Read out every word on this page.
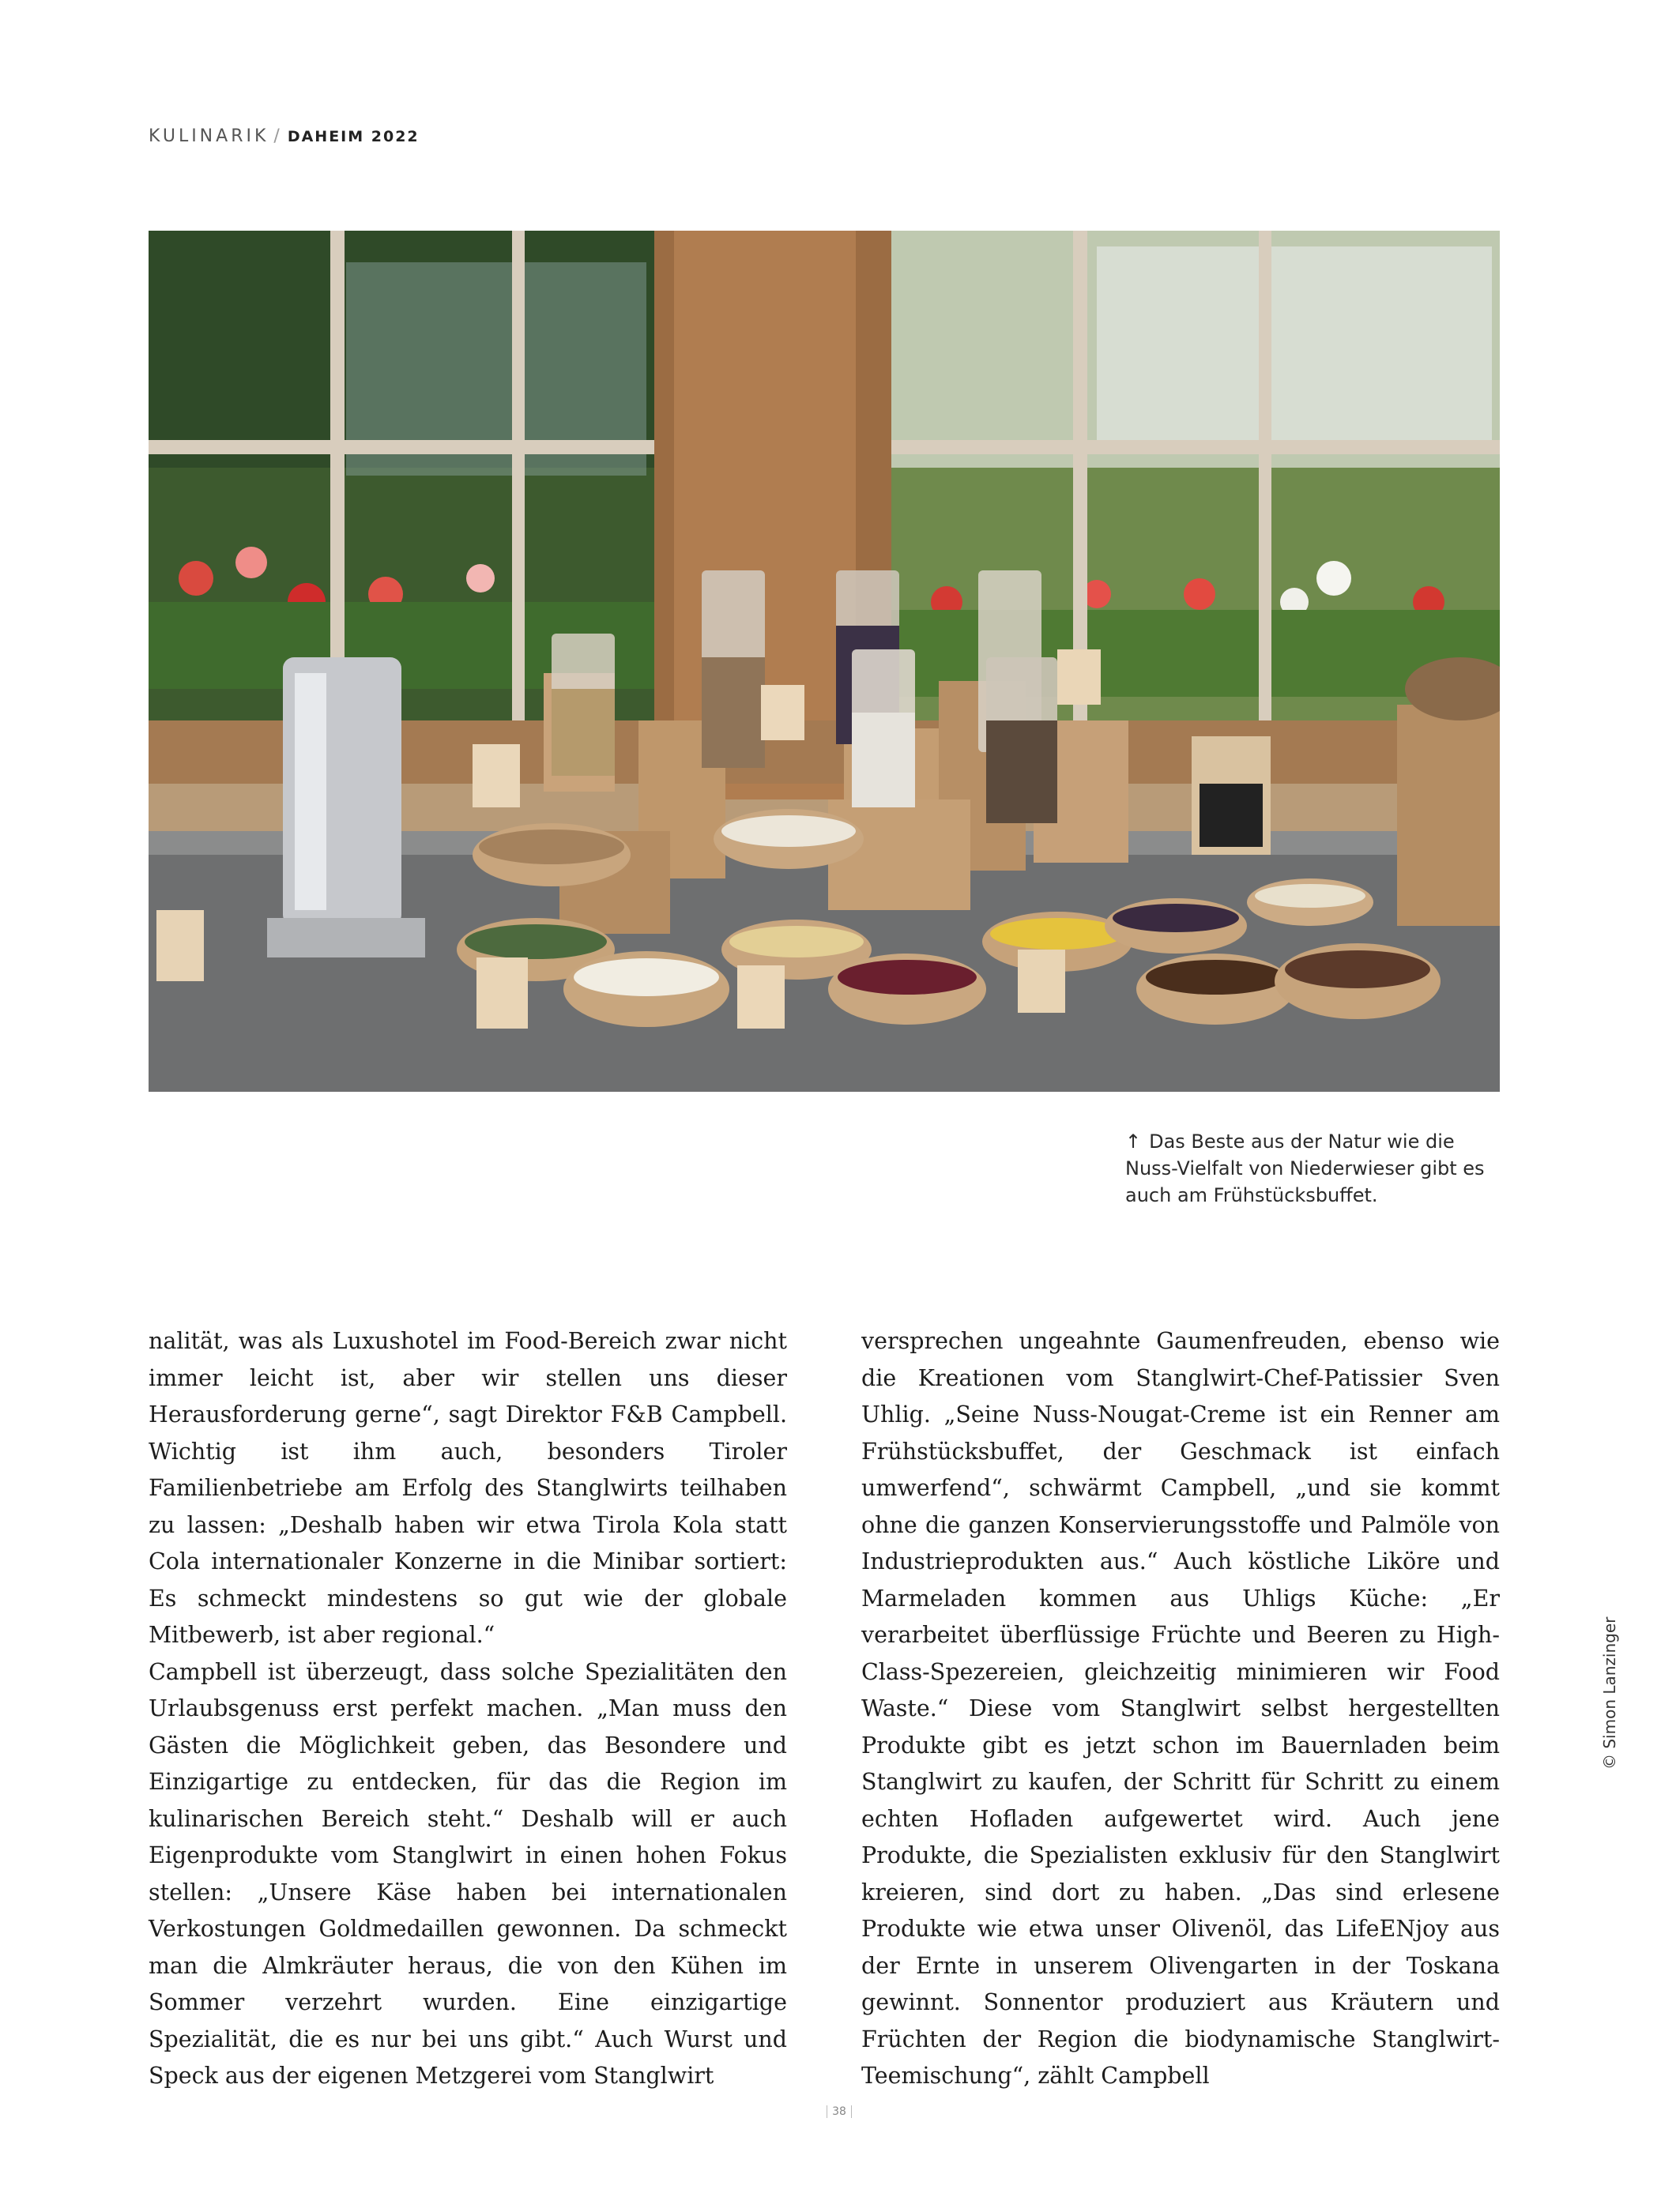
KULINARIK / DAHEIM 2022
↑ Das Beste aus der Natur wie die Nuss-Vielfalt von Niederwieser gibt es auch am Frühstücksbuffet.

nalität, was als Luxushotel im Food-Bereich zwar nicht immer leicht ist, aber wir stellen uns dieser Herausforderung gerne“, sagt Direktor F&B Campbell. Wichtig ist ihm auch, besonders Tiroler Familienbetriebe am Erfolg des Stanglwirts teilhaben zu lassen: „Deshalb haben wir etwa Tirola Kola statt Cola internationaler Konzerne in die Minibar sortiert: Es schmeckt mindestens so gut wie der globale Mitbewerb, ist aber regional.“

Campbell ist überzeugt, dass solche Spezialitäten den Urlaubsgenuss erst perfekt machen. „Man muss den Gästen die Möglichkeit geben, das Besondere und Einzigartige zu entdecken, für das die Region im kulinarischen Bereich steht.“ Deshalb will er auch Eigenprodukte vom Stanglwirt in einen hohen Fokus stellen: „Unsere Käse haben bei internationalen Verkostungen Goldmedaillen gewonnen. Da schmeckt man die Almkräuter heraus, die von den Kühen im Sommer verzehrt wurden. Eine einzigartige Spezialität, die es nur bei uns gibt.“ Auch Wurst und Speck aus der eigenen Metzgerei vom Stanglwirt

versprechen ungeahnte Gaumenfreuden, ebenso wie die Kreationen vom Stanglwirt-Chef-Patissier Sven Uhlig. „Seine Nuss-Nougat-Creme ist ein Renner am Frühstücksbuffet, der Geschmack ist einfach umwerfend“, schwärmt Campbell, „und sie kommt ohne die ganzen Konservierungsstoffe und Palmöle von Industrieprodukten aus.“ Auch köstliche Liköre und Marmeladen kommen aus Uhligs Küche: „Er verarbeitet überflüssige Früchte und Beeren zu High-Class-Spezereien, gleichzeitig minimieren wir Food Waste.“ Diese vom Stanglwirt selbst hergestellten Produkte gibt es jetzt schon im Bauernladen beim Stanglwirt zu kaufen, der Schritt für Schritt zu einem echten Hofladen aufgewertet wird. Auch jene Produkte, die Spezialisten exklusiv für den Stanglwirt kreieren, sind dort zu haben. „Das sind erlesene Produkte wie etwa unser Olivenöl, das LifeENjoy aus der Ernte in unserem Olivengarten in der Toskana gewinnt. Sonnentor produziert aus Kräutern und Früchten der Region die biodynamische Stanglwirt-Teemischung“, zählt Campbell

© Simon Lanzinger
38
